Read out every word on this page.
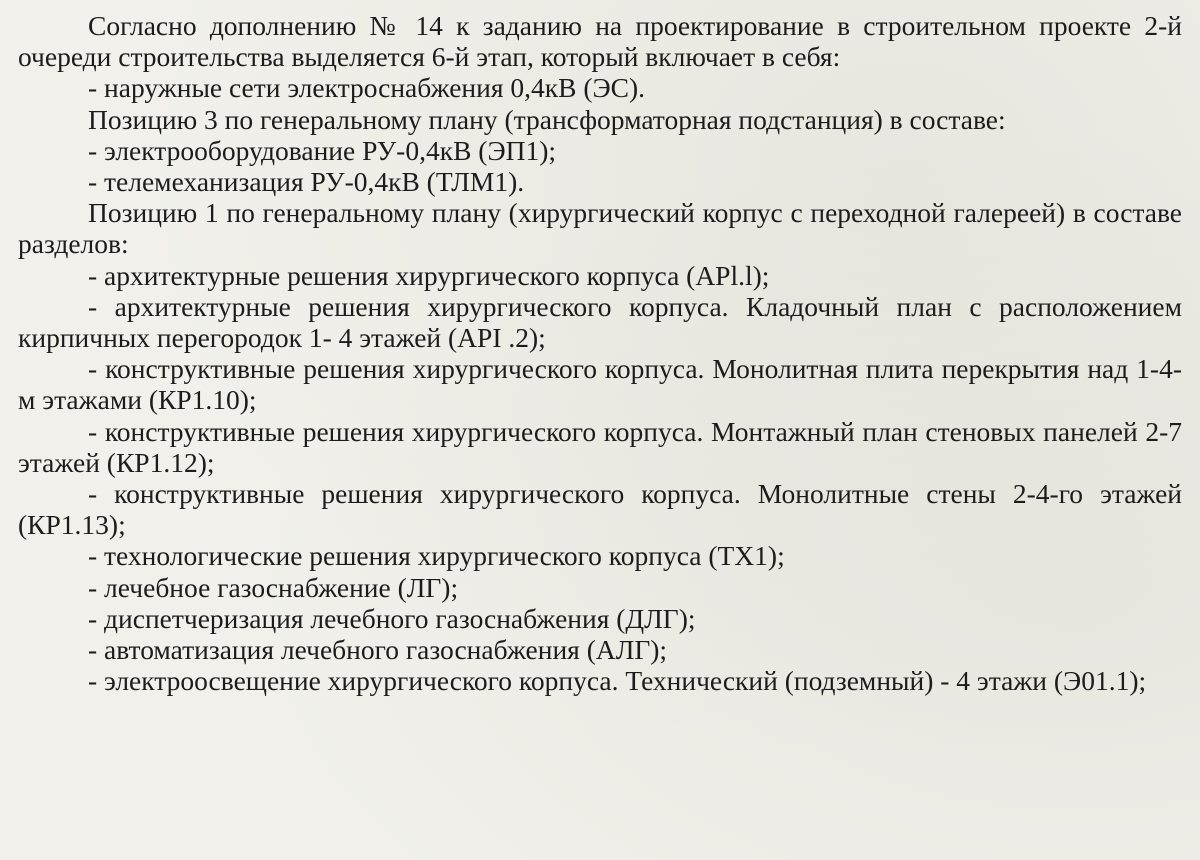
Согласно дополнению № 14 к заданию на проектирование в строительном проекте 2-й очереди строительства выделяется 6-й этап, который включает в себя:

- наружные сети электроснабжения 0,4кВ (ЭС).

Позицию 3 по генеральному плану (трансформаторная подстанция) в составе:

- электрооборудование РУ-0,4кВ (ЭП1);

- телемеханизация РУ-0,4кВ (ТЛМ1).

Позицию 1 по генеральному плану (хирургический корпус с переходной галереей) в составе разделов:

- архитектурные решения хирургического корпуса (АPl.l);

- архитектурные решения хирургического корпуса. Кладочный план с расположением кирпичных перегородок 1- 4 этажей (АPI .2);

- конструктивные решения хирургического корпуса. Монолитная плита перекрытия над 1-4-м этажами (КР1.10);

- конструктивные решения хирургического корпуса. Монтажный план стеновых панелей 2-7 этажей (КР1.12);

- конструктивные решения хирургического корпуса. Монолитные стены 2-4-го этажей (КР1.13);

- технологические решения хирургического корпуса (ТХ1);

- лечебное газоснабжение (ЛГ);

- диспетчеризация лечебного газоснабжения (ДЛГ);

- автоматизация лечебного газоснабжения (АЛГ);

- электроосвещение хирургического корпуса. Технический (подземный) - 4 этажи (Э01.1);
